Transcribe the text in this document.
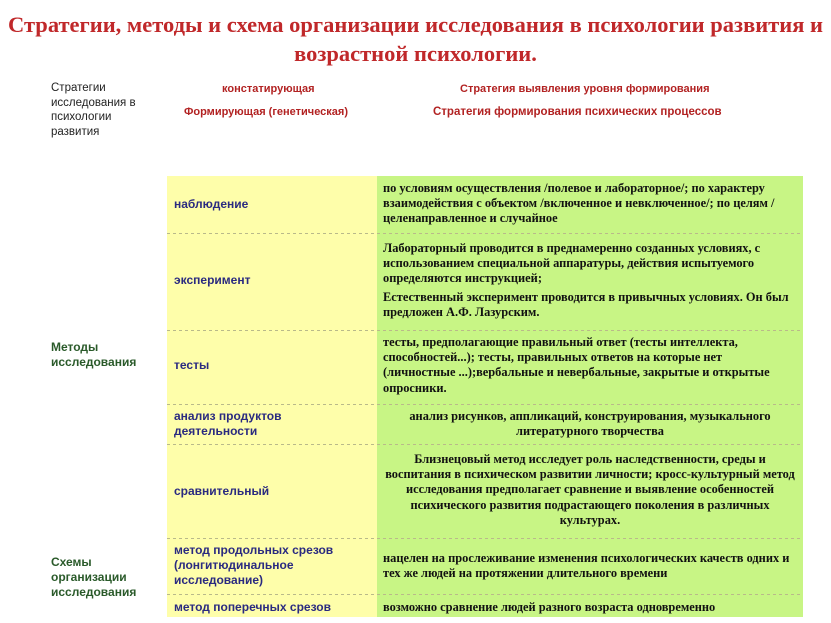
Стратегии, методы и схема организации исследования в психологии развития и возрастной психологии.
Стратегии исследования в психологии развития
констатирующая
Формирующая (генетическая)
Стратегия выявления уровня формирования
Стратегия формирования психических процессов
Методы исследования
Схемы организации исследования
наблюдение
по условиям осуществления /полевое и лабораторное/; по характеру взаимодействия с объектом /включенное и невключенное/; по целям /целенаправленное и случайное
эксперимент
Лабораторный проводится в преднамеренно созданных условиях, с использованием специальной аппаратуры, действия испытуемого определяются инструкцией;
Естественный эксперимент проводится в привычных условиях. Он был предложен А.Ф. Лазурским.
тесты
тесты, предполагающие правильный ответ (тесты интеллекта, способностей...); тесты, правильных ответов на которые нет (личностные ...);вербальные и невербальные, закрытые и открытые опросники.
анализ продуктов деятельности
анализ рисунков, аппликаций, конструирования, музыкального литературного творчества
сравнительный
Близнецовый метод исследует роль наследственности, среды и воспитания в психическом развитии личности; кросс-культурный метод исследования предполагает сравнение и выявление особенностей психического развития подрастающего поколения в различных культурах.
метод продольных срезов (лонгитюдинальное исследование)
нацелен на прослеживание изменения психологических качеств одних и тех же людей на протяжении длительного времени
метод поперечных срезов	возможно сравнение людей разного возраста одновременно
